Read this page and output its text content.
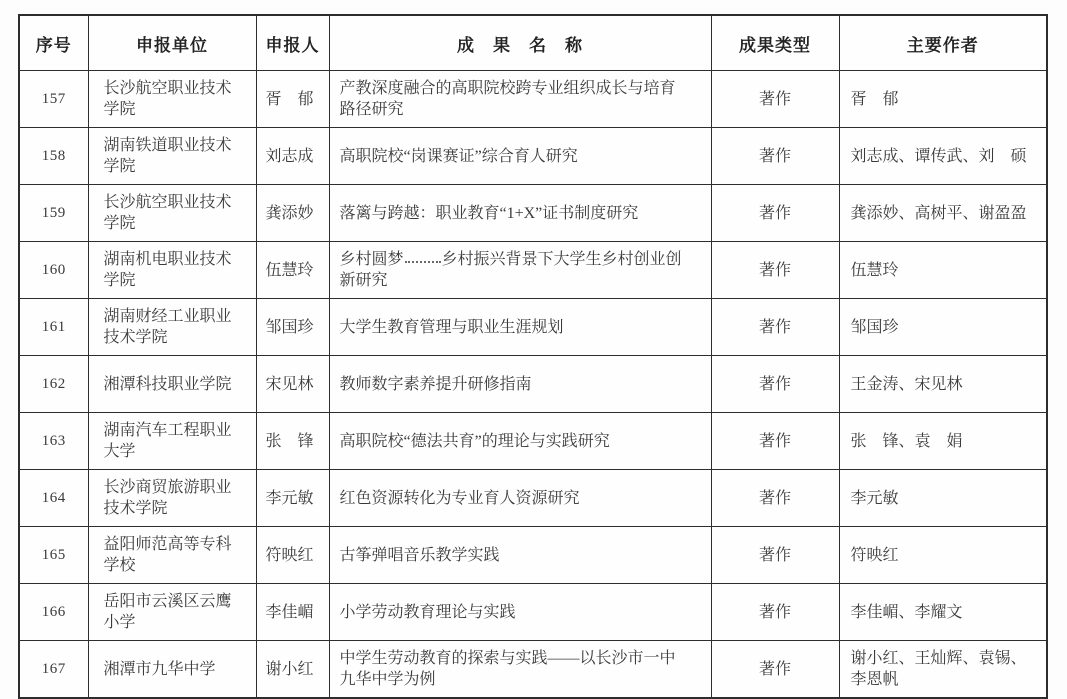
序号	申报单位	申报人	成　果　名　称	成果类型	主要作者
157	长沙航空职业技术学院	胥　郁	产教深度融合的高职院校跨专业组织成长与培育路径研究	著作	胥　郁
158	湖南铁道职业技术学院	刘志成	高职院校“岗课赛证”综合育人研究	著作	刘志成、谭传武、刘　硕
159	长沙航空职业技术学院	龚添妙	落篱与跨越：职业教育“1+X”证书制度研究	著作	龚添妙、高树平、谢盈盈
160	湖南机电职业技术学院	伍慧玲	乡村圆梦 乡村振兴背景下大学生乡村创业创新研究	著作	伍慧玲
161	湖南财经工业职业技术学院	邹国珍	大学生教育管理与职业生涯规划	著作	邹国珍
162	湘潭科技职业学院	宋见林	教师数字素养提升研修指南	著作	王金涛、宋见林
163	湖南汽车工程职业大学	张　锋	高职院校“德法共育”的理论与实践研究	著作	张　锋、袁　娟
164	长沙商贸旅游职业技术学院	李元敏	红色资源转化为专业育人资源研究	著作	李元敏
165	益阳师范高等专科学校	符映红	古筝弹唱音乐教学实践	著作	符映红
166	岳阳市云溪区云鹰小学	李佳嵋	小学劳动教育理论与实践	著作	李佳嵋、李耀文
167	湘潭市九华中学	谢小红	中学生劳动教育的探索与实践——以长沙市一中九华中学为例	著作	谢小红、王灿辉、袁锡、李恩帆
